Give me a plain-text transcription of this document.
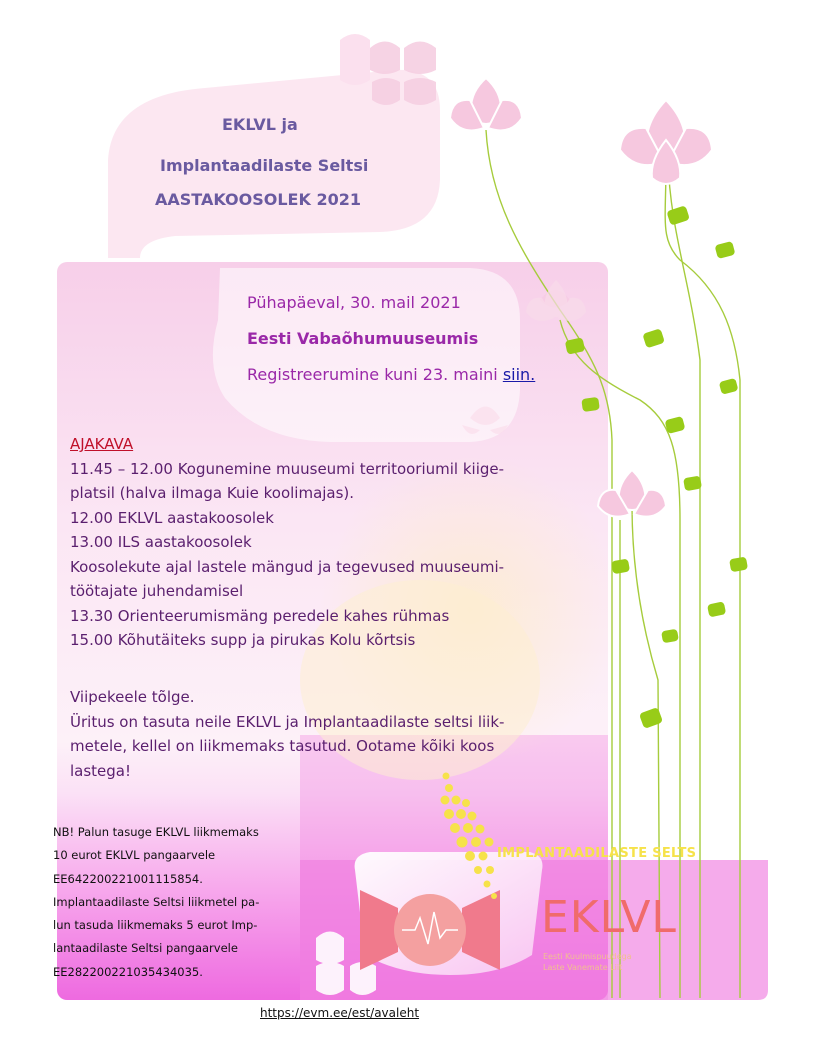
EKLVL ja
Implantaadilaste Seltsi
AASTAKOOSOLEK 2021
Pühapäeval, 30. mail 2021
Eesti Vabaõhumuuseumis
Registreerumine kuni 23. maini siin.
AJAKAVA
11.45 – 12.00 Kogunemine muuseumi territooriumil kiige-
platsil (halva ilmaga Kuie koolimajas).
12.00 EKLVL aastakoosolek
13.00 ILS aastakoosolek
Koosolekute ajal lastele mängud ja tegevused muuseumi-
töötajate juhendamisel
13.30 Orienteerumismäng peredele kahes rühmas
15.00 Kõhutäiteks supp ja pirukas Kolu kõrtsis
Viipekeele tõlge.
Üritus on tasuta neile EKLVL ja Implantaadilaste seltsi liik-
metele, kellel on liikmemaks tasutud. Ootame kõiki koos
lastega!
NB! Palun tasuge EKLVL liikmemaks
10 eurot EKLVL pangaarvele
EE642200221001115854.
Implantaadilaste Seltsi liikmetel pa-
lun tasuda liikmemaks 5 eurot Imp-
lantaadilaste Seltsi pangaarvele
EE282200221035434035.
IMPLANTAADILASTE SELTS
EKLVL
Eesti Kuulmispuudega
Laste Vanemate Liit
https://evm.ee/est/avaleht
